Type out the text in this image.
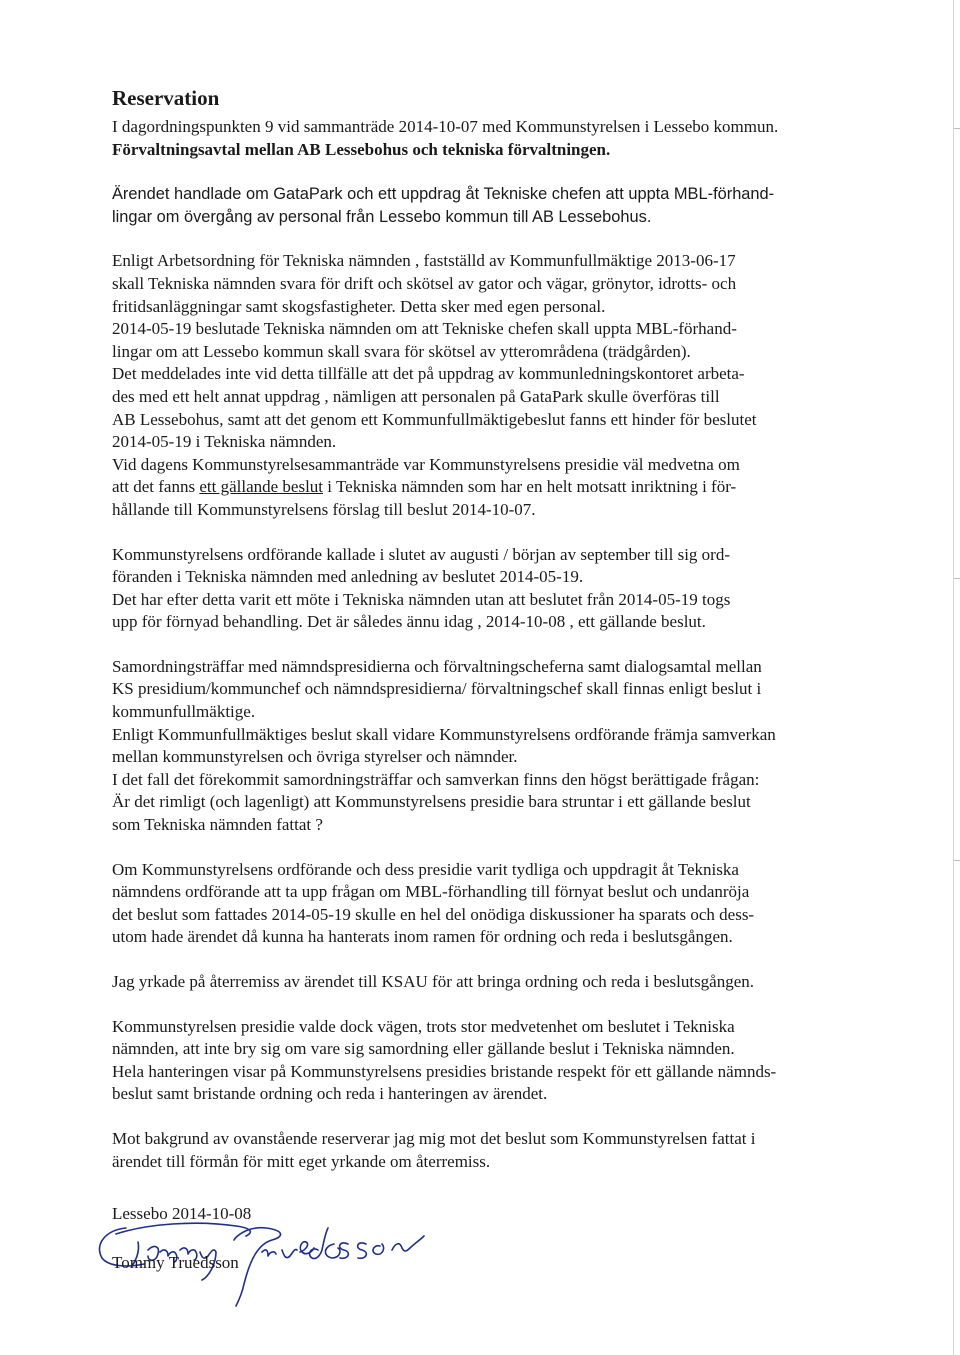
Reservation
I dagordningspunkten 9 vid sammanträde 2014-10-07 med Kommunstyrelsen i Lessebo kommun.
Förvaltningsavtal mellan AB Lessebohus och tekniska förvaltningen.
Ärendet handlade om GataPark och ett uppdrag åt Tekniske chefen att uppta MBL-förhand-
lingar om övergång av personal från Lessebo kommun till AB Lessebohus.
Enligt Arbetsordning för Tekniska nämnden , fastställd av Kommunfullmäktige 2013-06-17
skall Tekniska nämnden svara för drift och skötsel av gator och vägar, grönytor, idrotts- och
fritidsanläggningar samt skogsfastigheter. Detta sker med egen personal.
2014-05-19 beslutade Tekniska nämnden om att Tekniske chefen skall uppta MBL-förhand-
lingar om att Lessebo kommun skall svara för skötsel av ytterområdena (trädgården).
Det meddelades inte vid detta tillfälle att det på uppdrag av kommunledningskontoret arbeta-
des med ett helt annat uppdrag , nämligen att personalen på GataPark skulle överföras till
AB Lessebohus, samt att det genom ett Kommunfullmäktigebeslut fanns ett hinder för beslutet
2014-05-19 i Tekniska nämnden.
Vid dagens Kommunstyrelsesammanträde var Kommunstyrelsens presidie väl medvetna om
att det fanns ett gällande beslut i Tekniska nämnden som har en helt motsatt inriktning i för-
hållande till Kommunstyrelsens förslag till beslut 2014-10-07.
Kommunstyrelsens ordförande kallade i slutet av augusti / början av september till sig ord-
föranden i Tekniska nämnden med anledning av beslutet 2014-05-19.
Det har efter detta varit ett möte i Tekniska nämnden utan att beslutet från 2014-05-19 togs
upp för förnyad behandling. Det är således ännu idag , 2014-10-08 , ett gällande beslut.
Samordningsträffar med nämndspresidierna och förvaltningscheferna samt dialogsamtal mellan
KS presidium/kommunchef och nämndspresidierna/ förvaltningschef skall finnas enligt beslut i
kommunfullmäktige.
Enligt Kommunfullmäktiges beslut skall vidare Kommunstyrelsens ordförande främja samverkan
mellan kommunstyrelsen och övriga styrelser och nämnder.
I det fall det förekommit samordningsträffar och samverkan finns den högst berättigade frågan:
Är det rimligt (och lagenligt) att Kommunstyrelsens presidie bara struntar i ett gällande beslut
som Tekniska nämnden fattat ?
Om Kommunstyrelsens ordförande och dess presidie varit tydliga och uppdragit åt Tekniska
nämndens ordförande att ta upp frågan om MBL-förhandling till förnyat beslut och undanröja
det beslut som fattades 2014-05-19 skulle en hel del onödiga diskussioner ha sparats och dess-
utom hade ärendet då kunna ha hanterats inom ramen för ordning och reda i beslutsgången.
Jag yrkade på återremiss av ärendet till KSAU för att bringa ordning och reda i beslutsgången.
Kommunstyrelsen presidie valde dock vägen, trots stor medvetenhet om beslutet i Tekniska
nämnden, att inte bry sig om vare sig samordning eller gällande beslut i Tekniska nämnden.
Hela hanteringen visar på Kommunstyrelsens presidies bristande respekt för ett gällande nämnds-
beslut samt bristande ordning och reda i hanteringen av ärendet.
Mot bakgrund av ovanstående reserverar jag mig mot det beslut som Kommunstyrelsen fattat i
ärendet till förmån för mitt eget yrkande om återremiss.
Lessebo 2014-10-08
Tommy Truedsson
